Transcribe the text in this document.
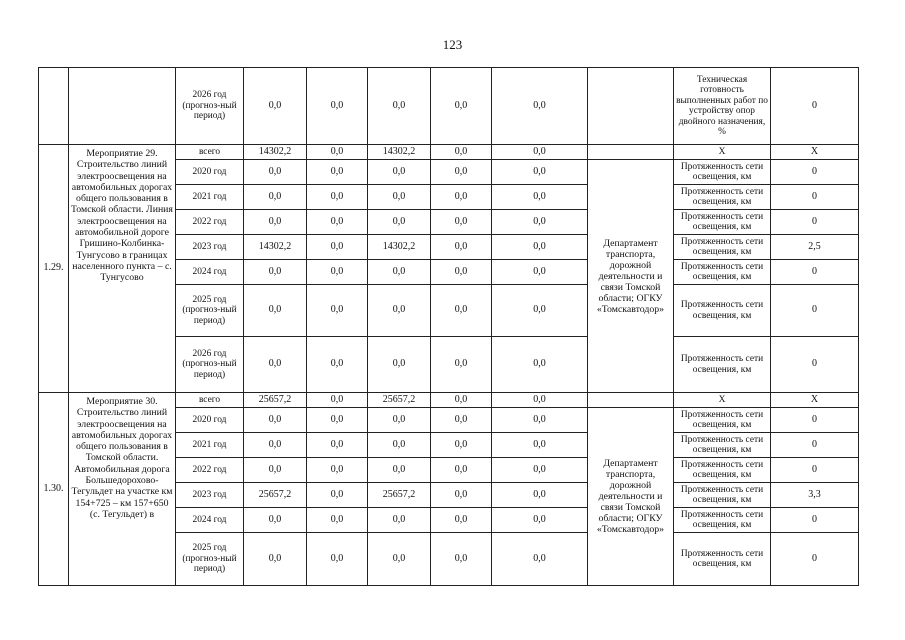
123
		2026 год (прогноз-ный период)	0,0	0,0	0,0	0,0	0,0		Техническая готовность выполненных работ по устройству опор двойного назначения, %	0
1.29.	Мероприятие 29. Строительство линий электроосвещения на автомобильных дорогах общего пользования в Томской области. Линия электроосвещения на автомобильной дороге Гришино-Колбинка-Тунгусово в границах населенного пункта – с. Тунгусово	всего	14302,2	0,0	14302,2	0,0	0,0		Х	Х
		2020 год	0,0	0,0	0,0	0,0	0,0	Департамент транспорта, дорожной деятельности и связи Томской области; ОГКУ «Томскавтодор»	Протяженность сети освещения, км	0
		2021 год	0,0	0,0	0,0	0,0	0,0		Протяженность сети освещения, км	0
		2022 год	0,0	0,0	0,0	0,0	0,0		Протяженность сети освещения, км	0
		2023 год	14302,2	0,0	14302,2	0,0	0,0		Протяженность сети освещения, км	2,5
		2024 год	0,0	0,0	0,0	0,0	0,0		Протяженность сети освещения, км	0
		2025 год (прогноз-ный период)	0,0	0,0	0,0	0,0	0,0		Протяженность сети освещения, км	0
		2026 год (прогноз-ный период)	0,0	0,0	0,0	0,0	0,0		Протяженность сети освещения, км	0
1.30.	Мероприятие 30. Строительство линий электроосвещения на автомобильных дорогах общего пользования в Томской области. Автомобильная дорога Большедорохово-Тегульдет на участке км 154+725 – км 157+650 (с. Тегульдет) в	всего	25657,2	0,0	25657,2	0,0	0,0		Х	Х
		2020 год	0,0	0,0	0,0	0,0	0,0	Департамент транспорта, дорожной деятельности и связи Томской области; ОГКУ «Томскавтодор»	Протяженность сети освещения, км	0
		2021 год	0,0	0,0	0,0	0,0	0,0		Протяженность сети освещения, км	0
		2022 год	0,0	0,0	0,0	0,0	0,0		Протяженность сети освещения, км	0
		2023 год	25657,2	0,0	25657,2	0,0	0,0		Протяженность сети освещения, км	3,3
		2024 год	0,0	0,0	0,0	0,0	0,0		Протяженность сети освещения, км	0
		2025 год (прогноз-ный период)	0,0	0,0	0,0	0,0	0,0		Протяженность сети освещения, км	0
